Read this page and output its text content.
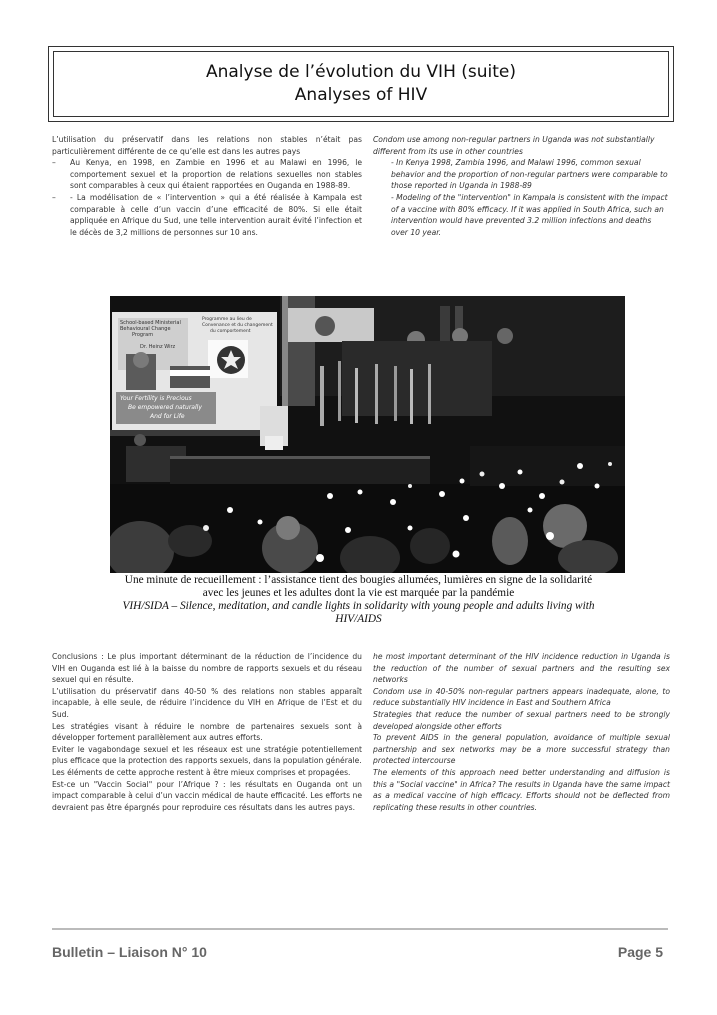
Analyse de l’évolution du VIH (suite)
Analyses of HIV

L’utilisation du préservatif dans les relations non stables n’était pas particulièrement différente de ce qu’elle est dans les autres pays

– Au Kenya, en 1998, en Zambie en 1996 et au Malawi en 1996, le comportement sexuel et la proportion de relations sexuelles non stables sont comparables à ceux qui étaient rapportées en Ouganda en 1988-89.
– - La modélisation de « l’intervention » qui a été réalisée à Kampala est comparable à celle d’un vaccin d’une efficacité de 80%. Si elle était appliquée en Afrique du Sud, une telle intervention aurait évité l’infection et le décès de 3,2 millions de personnes sur 10 ans.

Condom use among non-regular partners in Uganda was not substantially different from its use in other countries

- In Kenya 1998, Zambia 1996, and Malawi 1996, common sexual behavior and the proportion of non-regular partners were comparable to those reported in Uganda in 1988-89

- Modeling of the "intervention" in Kampala is consistent with the impact of a vaccine with 80% efficacy. If it was applied in South Africa, such an intervention would have prevented 3.2 million infections and deaths over 10 year.

School-based Ministerial
Behavioural Change
Program
Dr. Heinz Wirz
Programme au lieu de
Convenance et du changement
du comportement
Your Fertility is Precious
Be empowered naturally
And for Life
Une minute de recueillement : l’assistance tient des bougies allumées, lumières en signe de la solidarité
avec les jeunes et les adultes dont la vie est marquée par la pandémie
VIH/SIDA – Silence, meditation, and candle lights in solidarity with young people and adults living with
HIV/AIDS

Conclusions : Le plus important déterminant de la réduction de l’incidence du VIH en Ouganda est lié à la baisse du nombre de rapports sexuels et du réseau sexuel qui en résulte.

L’utilisation du préservatif dans 40-50 % des relations non stables apparaît incapable, à elle seule, de réduire l’incidence du VIH en Afrique de l’Est et du Sud.

Les stratégies visant à réduire le nombre de partenaires sexuels sont à développer fortement parallèlement aux autres efforts.

Eviter le vagabondage sexuel et les réseaux est une stratégie potentiellement plus efficace que la protection des rapports sexuels, dans la population générale.

Les éléments de cette approche restent à être mieux comprises et propagées.

Est-ce un "Vaccin Social" pour l’Afrique ? : les résultats en Ouganda ont un impact comparable à celui d’un vaccin médical de haute efficacité. Les efforts ne devraient pas être épargnés pour reproduire ces résultats dans les autres pays.

he most important determinant of the HIV incidence reduction in Uganda is the reduction of the number of sexual partners and the resulting sex networks

Condom use in 40-50% non-regular partners appears inadequate, alone, to reduce substantially HIV incidence in East and Southern Africa

Strategies that reduce the number of sexual partners need to be strongly developed alongside other efforts

To prevent AIDS in the general population, avoidance of multiple sexual partnership and sex networks may be a more successful strategy than protected intercourse

The elements of this approach need better understanding and diffusion is this a "Social vaccine" in Africa? The results in Uganda have the same impact as a medical vaccine of high efficacy. Efforts should not be deflected from replicating these results in other countries.

Bulletin – Liaison N° 10	Page 5
